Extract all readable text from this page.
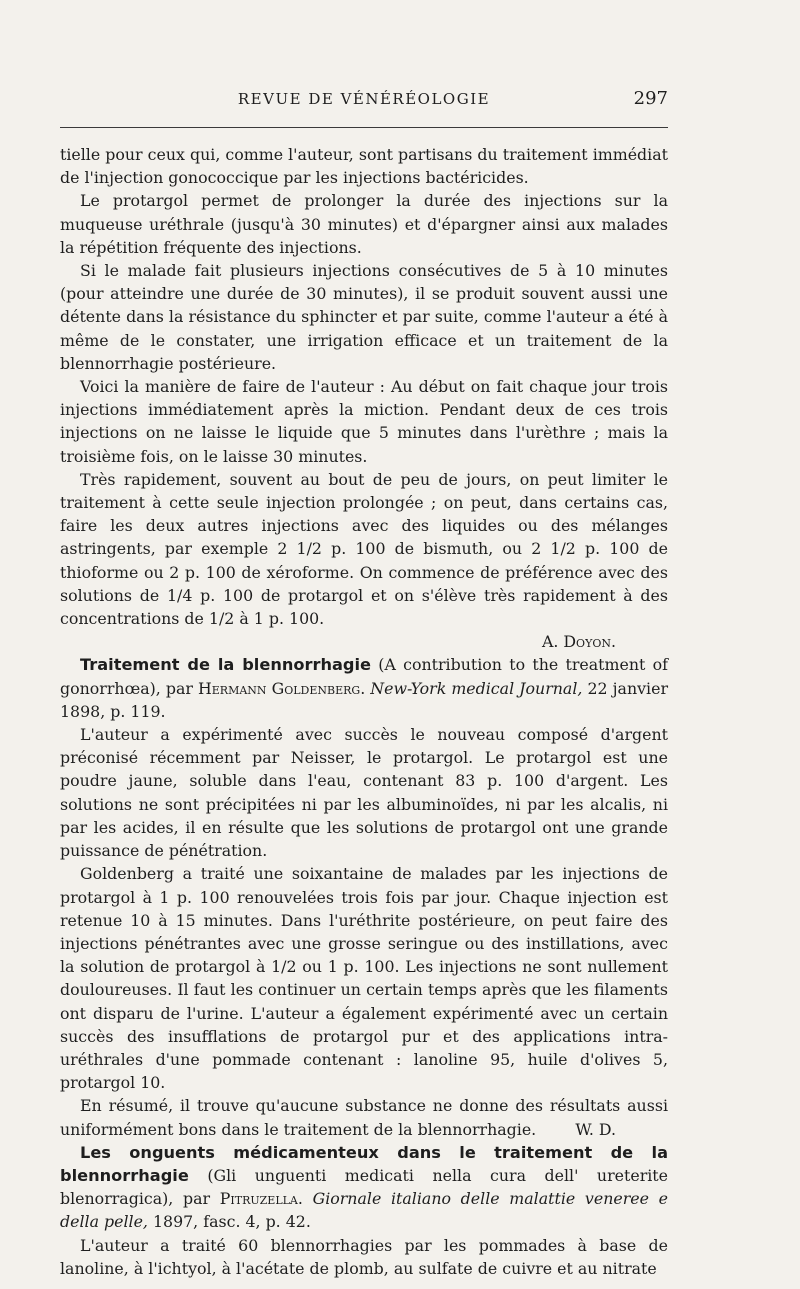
REVUE DE VÉNÉRÉOLOGIE	297

tielle pour ceux qui, comme l'auteur, sont partisans du traitement immédiat de l'injection gonococcique par les injections bactéricides.

Le protargol permet de prolonger la durée des injections sur la muqueuse uréthrale (jusqu'à 30 minutes) et d'épargner ainsi aux malades la répétition fréquente des injections.

Si le malade fait plusieurs injections consécutives de 5 à 10 minutes (pour atteindre une durée de 30 minutes), il se produit souvent aussi une détente dans la résistance du sphincter et par suite, comme l'auteur a été à même de le constater, une irrigation efficace et un traitement de la blennorrhagie postérieure.

Voici la manière de faire de l'auteur : Au début on fait chaque jour trois injections immédiatement après la miction. Pendant deux de ces trois injections on ne laisse le liquide que 5 minutes dans l'urèthre ; mais la troisième fois, on le laisse 30 minutes.

Très rapidement, souvent au bout de peu de jours, on peut limiter le traitement à cette seule injection prolongée ; on peut, dans certains cas, faire les deux autres injections avec des liquides ou des mélanges astringents, par exemple 2 1/2 p. 100 de bismuth, ou 2 1/2 p. 100 de thioforme ou 2 p. 100 de xéroforme. On commence de préférence avec des solutions de 1/4 p. 100 de protargol et on s'élève très rapidement à des concentrations de 1/2 à 1 p. 100.

A. Doyon.

Traitement de la blennorrhagie (A contribution to the treatment of gonorrhœa), par Hermann Goldenberg. New-York medical Journal, 22 janvier 1898, p. 119.

L'auteur a expérimenté avec succès le nouveau composé d'argent préconisé récemment par Neisser, le protargol. Le protargol est une poudre jaune, soluble dans l'eau, contenant 83 p. 100 d'argent. Les solutions ne sont précipitées ni par les albuminoïdes, ni par les alcalis, ni par les acides, il en résulte que les solutions de protargol ont une grande puissance de pénétration.

Goldenberg a traité une soixantaine de malades par les injections de protargol à 1 p. 100 renouvelées trois fois par jour. Chaque injection est retenue 10 à 15 minutes. Dans l'uréthrite postérieure, on peut faire des injections pénétrantes avec une grosse seringue ou des instillations, avec la solution de protargol à 1/2 ou 1 p. 100. Les injections ne sont nullement douloureuses. Il faut les continuer un certain temps après que les filaments ont disparu de l'urine. L'auteur a également expérimenté avec un certain succès des insufflations de protargol pur et des applications intra-uréthrales d'une pommade contenant : lanoline 95, huile d'olives 5, protargol 10.

En résumé, il trouve qu'aucune substance ne donne des résultats aussi uniformément bons dans le traitement de la blennorrhagie.	W. D.

Les onguents médicamenteux dans le traitement de la blennorrhagie (Gli unguenti medicati nella cura dell' ureterite blenorragica), par Pitruzella. Giornale italiano delle malattie veneree e della pelle, 1897, fasc. 4, p. 42.

L'auteur a traité 60 blennorrhagies par les pommades à base de lanoline, à l'ichtyol, à l'acétate de plomb, au sulfate de cuivre et au nitrate
